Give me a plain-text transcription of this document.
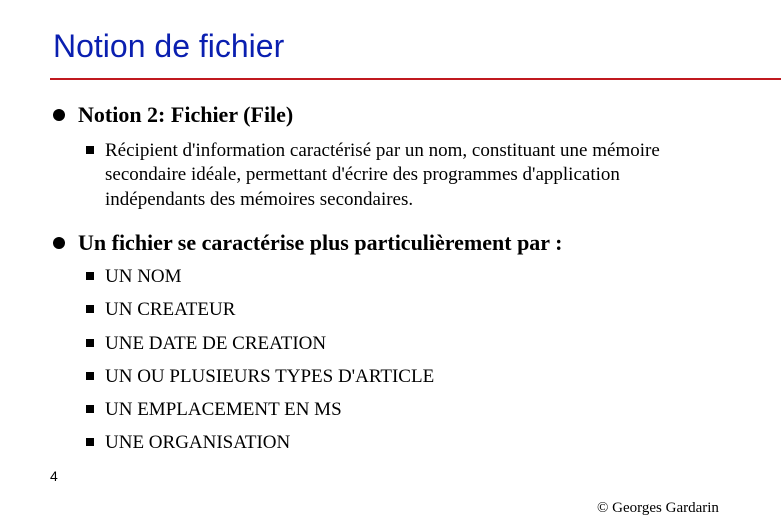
Notion de fichier
Notion 2: Fichier (File)
Récipient d'information caractérisé par un nom, constituant une mémoire secondaire idéale, permettant d'écrire des programmes d'application indépendants des mémoires secondaires.
Un fichier se caractérise plus particulièrement par :
UN NOM
UN CREATEUR
UNE DATE DE CREATION
UN OU PLUSIEURS TYPES D'ARTICLE
UN EMPLACEMENT EN MS
UNE ORGANISATION
4
© Georges Gardarin
